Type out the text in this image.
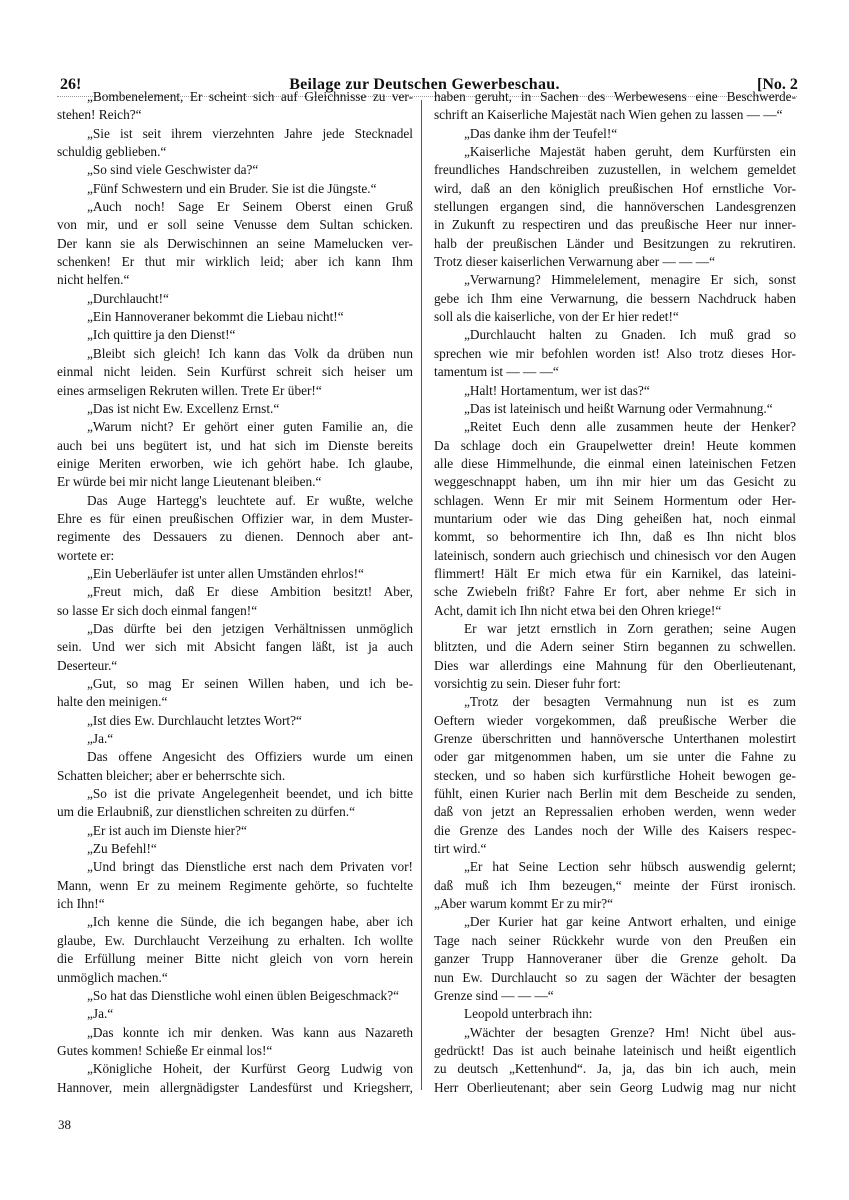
26!	Beilage zur Deutschen Gewerbeschau.	[No. 2
„Bombenelement, Er scheint sich auf Gleichnisse zu ver-
stehen! Reich?“
„Sie ist seit ihrem vierzehnten Jahre jede Stecknadel
schuldig geblieben.“
„So sind viele Geschwister da?“
„Fünf Schwestern und ein Bruder. Sie ist die Jüngste.“
„Auch noch! Sage Er Seinem Oberst einen Gruß
von mir, und er soll seine Venusse dem Sultan schicken.
Der kann sie als Derwischinnen an seine Mamelucken ver-
schenken! Er thut mir wirklich leid; aber ich kann Ihm
nicht helfen.“
„Durchlaucht!“
„Ein Hannoveraner bekommt die Liebau nicht!“
„Ich quittire ja den Dienst!“
„Bleibt sich gleich! Ich kann das Volk da drüben nun
einmal nicht leiden. Sein Kurfürst schreit sich heiser um
eines armseligen Rekruten willen. Trete Er über!“
„Das ist nicht Ew. Excellenz Ernst.“
„Warum nicht? Er gehört einer guten Familie an, die
auch bei uns begütert ist, und hat sich im Dienste bereits
einige Meriten erworben, wie ich gehört habe. Ich glaube,
Er würde bei mir nicht lange Lieutenant bleiben.“
Das Auge Hartegg's leuchtete auf. Er wußte, welche
Ehre es für einen preußischen Offizier war, in dem Muster-
regimente des Dessauers zu dienen. Dennoch aber ant-
wortete er:
„Ein Ueberläufer ist unter allen Umständen ehrlos!“
„Freut mich, daß Er diese Ambition besitzt! Aber,
so lasse Er sich doch einmal fangen!“
„Das dürfte bei den jetzigen Verhältnissen unmöglich
sein. Und wer sich mit Absicht fangen läßt, ist ja auch
Deserteur.“
„Gut, so mag Er seinen Willen haben, und ich be-
halte den meinigen.“
„Ist dies Ew. Durchlaucht letztes Wort?“
„Ja.“
Das offene Angesicht des Offiziers wurde um einen
Schatten bleicher; aber er beherrschte sich.
„So ist die private Angelegenheit beendet, und ich bitte
um die Erlaubniß, zur dienstlichen schreiten zu dürfen.“
„Er ist auch im Dienste hier?“
„Zu Befehl!“
„Und bringt das Dienstliche erst nach dem Privaten vor!
Mann, wenn Er zu meinem Regimente gehörte, so fuchtelte
ich Ihn!“
„Ich kenne die Sünde, die ich begangen habe, aber ich
glaube, Ew. Durchlaucht Verzeihung zu erhalten. Ich wollte
die Erfüllung meiner Bitte nicht gleich von vorn herein
unmöglich machen.“
„So hat das Dienstliche wohl einen üblen Beigeschmack?“
„Ja.“
„Das konnte ich mir denken. Was kann aus Nazareth
Gutes kommen! Schieße Er einmal los!“
„Königliche Hoheit, der Kurfürst Georg Ludwig von
Hannover, mein allergnädigster Landesfürst und Kriegsherr,
haben geruht, in Sachen des Werbewesens eine Beschwerde-
schrift an Kaiserliche Majestät nach Wien gehen zu lassen — —“
„Das danke ihm der Teufel!“
„Kaiserliche Majestät haben geruht, dem Kurfürsten ein
freundliches Handschreiben zuzustellen, in welchem gemeldet
wird, daß an den königlich preußischen Hof ernstliche Vor-
stellungen ergangen sind, die hannöverschen Landesgrenzen
in Zukunft zu respectiren und das preußische Heer nur inner-
halb der preußischen Länder und Besitzungen zu rekrutiren.
Trotz dieser kaiserlichen Verwarnung aber — — —“
„Verwarnung? Himmelelement, menagire Er sich, sonst
gebe ich Ihm eine Verwarnung, die bessern Nachdruck haben
soll als die kaiserliche, von der Er hier redet!“
„Durchlaucht halten zu Gnaden. Ich muß grad so
sprechen wie mir befohlen worden ist! Also trotz dieses Hor-
tamentum ist — — —“
„Halt! Hortamentum, wer ist das?“
„Das ist lateinisch und heißt Warnung oder Vermahnung.“
„Reitet Euch denn alle zusammen heute der Henker?
Da schlage doch ein Graupelwetter drein! Heute kommen
alle diese Himmelhunde, die einmal einen lateinischen Fetzen
weggeschnappt haben, um ihn mir hier um das Gesicht zu
schlagen. Wenn Er mir mit Seinem Hormentum oder Her-
muntarium oder wie das Ding geheißen hat, noch einmal
kommt, so behormentire ich Ihn, daß es Ihn nicht blos
lateinisch, sondern auch griechisch und chinesisch vor den Augen
flimmert! Hält Er mich etwa für ein Karnikel, das lateini-
sche Zwiebeln frißt? Fahre Er fort, aber nehme Er sich in
Acht, damit ich Ihn nicht etwa bei den Ohren kriege!“
Er war jetzt ernstlich in Zorn gerathen; seine Augen
blitzten, und die Adern seiner Stirn begannen zu schwellen.
Dies war allerdings eine Mahnung für den Oberlieutenant,
vorsichtig zu sein. Dieser fuhr fort:
„Trotz der besagten Vermahnung nun ist es zum
Oeftern wieder vorgekommen, daß preußische Werber die
Grenze überschritten und hannöversche Unterthanen molestirt
oder gar mitgenommen haben, um sie unter die Fahne zu
stecken, und so haben sich kurfürstliche Hoheit bewogen ge-
fühlt, einen Kurier nach Berlin mit dem Bescheide zu senden,
daß von jetzt an Repressalien erhoben werden, wenn weder
die Grenze des Landes noch der Wille des Kaisers respec-
tirt wird.“
„Er hat Seine Lection sehr hübsch auswendig gelernt;
daß muß ich Ihm bezeugen,“ meinte der Fürst ironisch.
„Aber warum kommt Er zu mir?“
„Der Kurier hat gar keine Antwort erhalten, und einige
Tage nach seiner Rückkehr wurde von den Preußen ein
ganzer Trupp Hannoveraner über die Grenze geholt. Da
nun Ew. Durchlaucht so zu sagen der Wächter der besagten
Grenze sind — — —“
Leopold unterbrach ihn:
„Wächter der besagten Grenze? Hm! Nicht übel aus-
gedrückt! Das ist auch beinahe lateinisch und heißt eigentlich
zu deutsch „Kettenhund“. Ja, ja, das bin ich auch, mein
Herr Oberlieutenant; aber sein Georg Ludwig mag nur nicht
38
